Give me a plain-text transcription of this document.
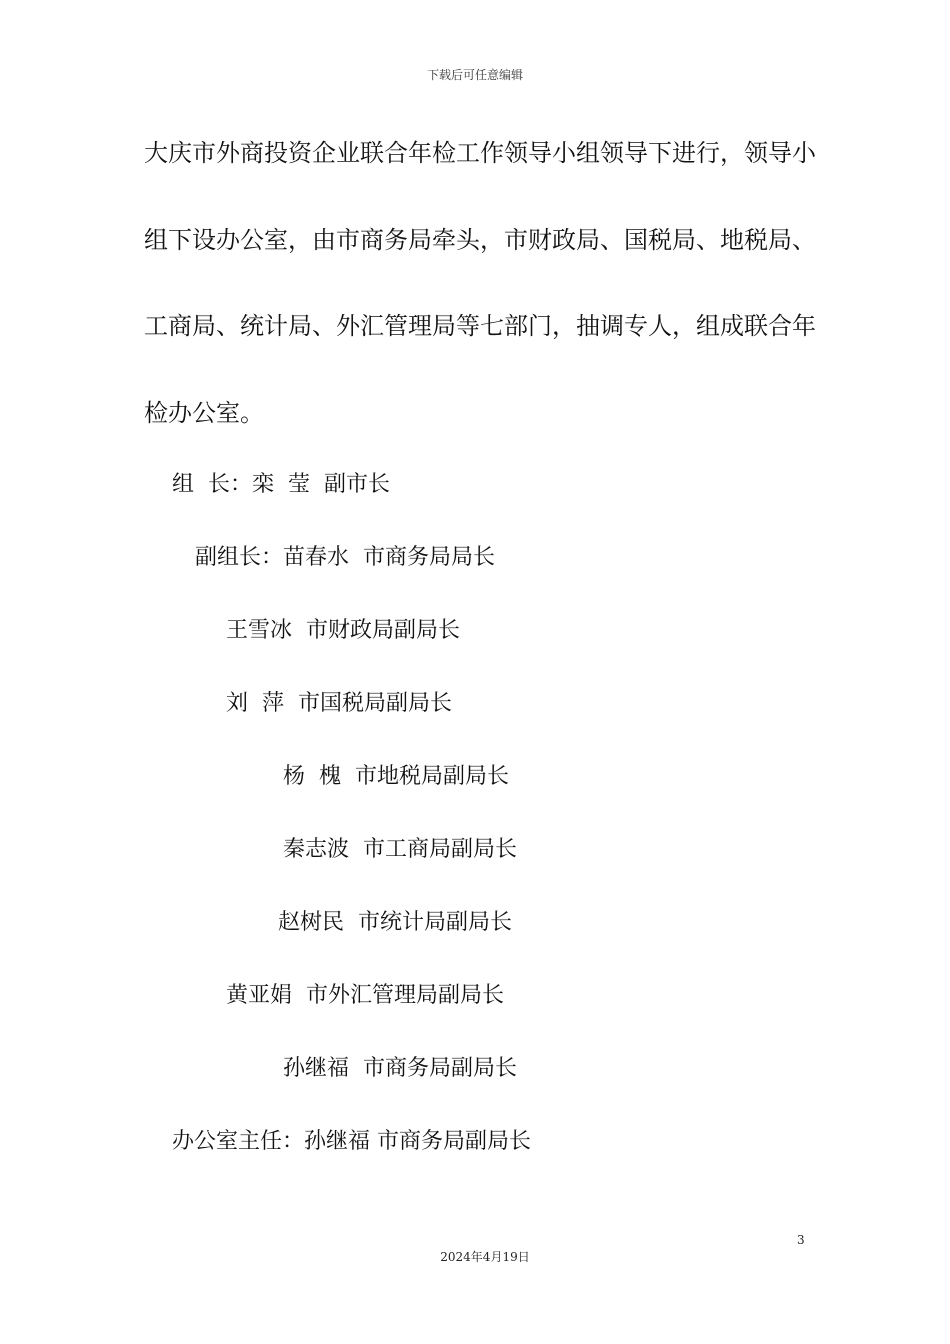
下载后可任意编辑
大庆市外商投资企业联合年检工作领导小组领导下进行，领导小
组下设办公室，由市商务局牵头，市财政局、国税局、地税局、
工商局、统计局、外汇管理局等七部门，抽调专人，组成联合年
检办公室。
组  长：栾  莹 副市长
副组长：苗春水 市商务局局长
王雪冰 市财政局副局长
刘  萍 市国税局副局长
杨  槐 市地税局副局长
秦志波 市工商局副局长
赵树民 市统计局副局长
黄亚娟 市外汇管理局副局长
孙继福 市商务局副局长
办公室主任：孙继福 市商务局副局长
3
2024年4月19日
